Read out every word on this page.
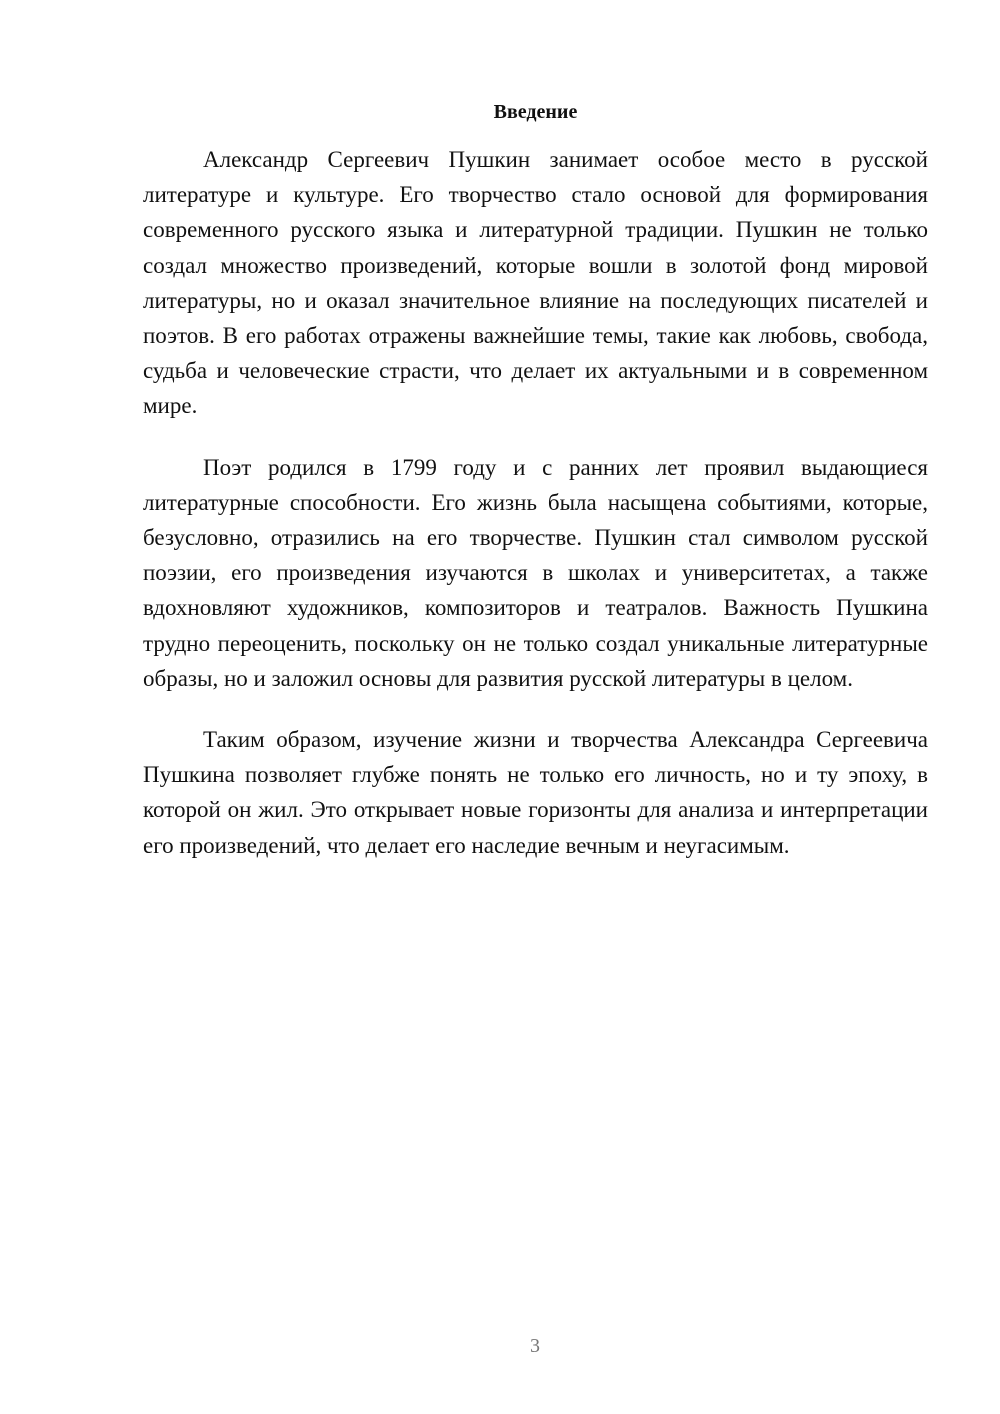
Введение

Александр Сергеевич Пушкин занимает особое место в русской литературе и культуре. Его творчество стало основой для формирования современного русского языка и литературной традиции. Пушкин не только создал множество произведений, которые вошли в золотой фонд мировой литературы, но и оказал значительное влияние на последующих писателей и поэтов. В его работах отражены важнейшие темы, такие как любовь, свобода, судьба и человеческие страсти, что делает их актуальными и в современном мире.

Поэт родился в 1799 году и с ранних лет проявил выдающиеся литературные способности. Его жизнь была насыщена событиями, которые, безусловно, отразились на его творчестве. Пушкин стал символом русской поэзии, его произведения изучаются в школах и университетах, а также вдохновляют художников, композиторов и театралов. Важность Пушкина трудно переоценить, поскольку он не только создал уникальные литературные образы, но и заложил основы для развития русской литературы в целом.

Таким образом, изучение жизни и творчества Александра Сергеевича Пушкина позволяет глубже понять не только его личность, но и ту эпоху, в которой он жил. Это открывает новые горизонты для анализа и интерпретации его произведений, что делает его наследие вечным и неугасимым.

3
